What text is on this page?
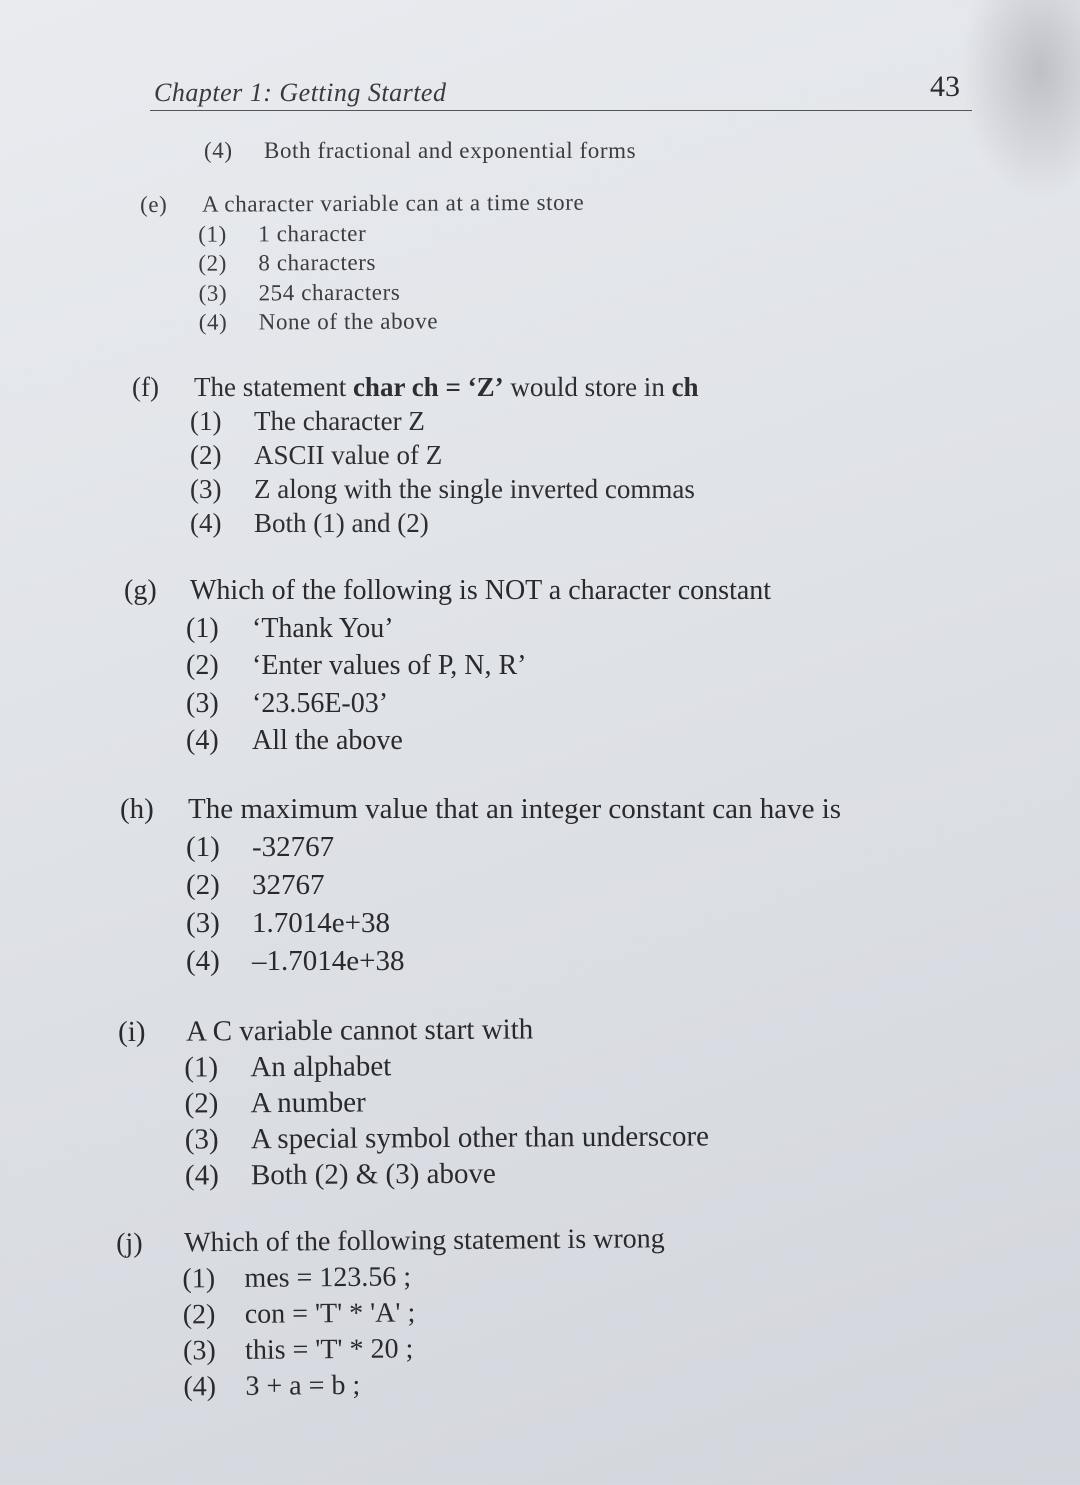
Chapter 1: Getting Started	43
(4)	Both fractional and exponential forms
(e)	A character variable can at a time store
(1)	1 character
(2)	8 characters
(3)	254 characters
(4)	None of the above
(f)	The statement char ch = ‘Z’ would store in ch
(1)	The character Z
(2)	ASCII value of Z
(3)	Z along with the single inverted commas
(4)	Both (1) and (2)
(g)	Which of the following is NOT a character constant
(1)	‘Thank You’
(2)	‘Enter values of P, N, R’
(3)	‘23.56E-03’
(4)	All the above
(h)	The maximum value that an integer constant can have is
(1)	-32767
(2)	32767
(3)	1.7014e+38
(4)	–1.7014e+38
(i)	A C variable cannot start with
(1)	An alphabet
(2)	A number
(3)	A special symbol other than underscore
(4)	Both (2) & (3) above
(j)	Which of the following statement is wrong
(1)	mes = 123.56 ;
(2)	con = 'T' * 'A' ;
(3)	this = 'T' * 20 ;
(4)	3 + a = b ;
